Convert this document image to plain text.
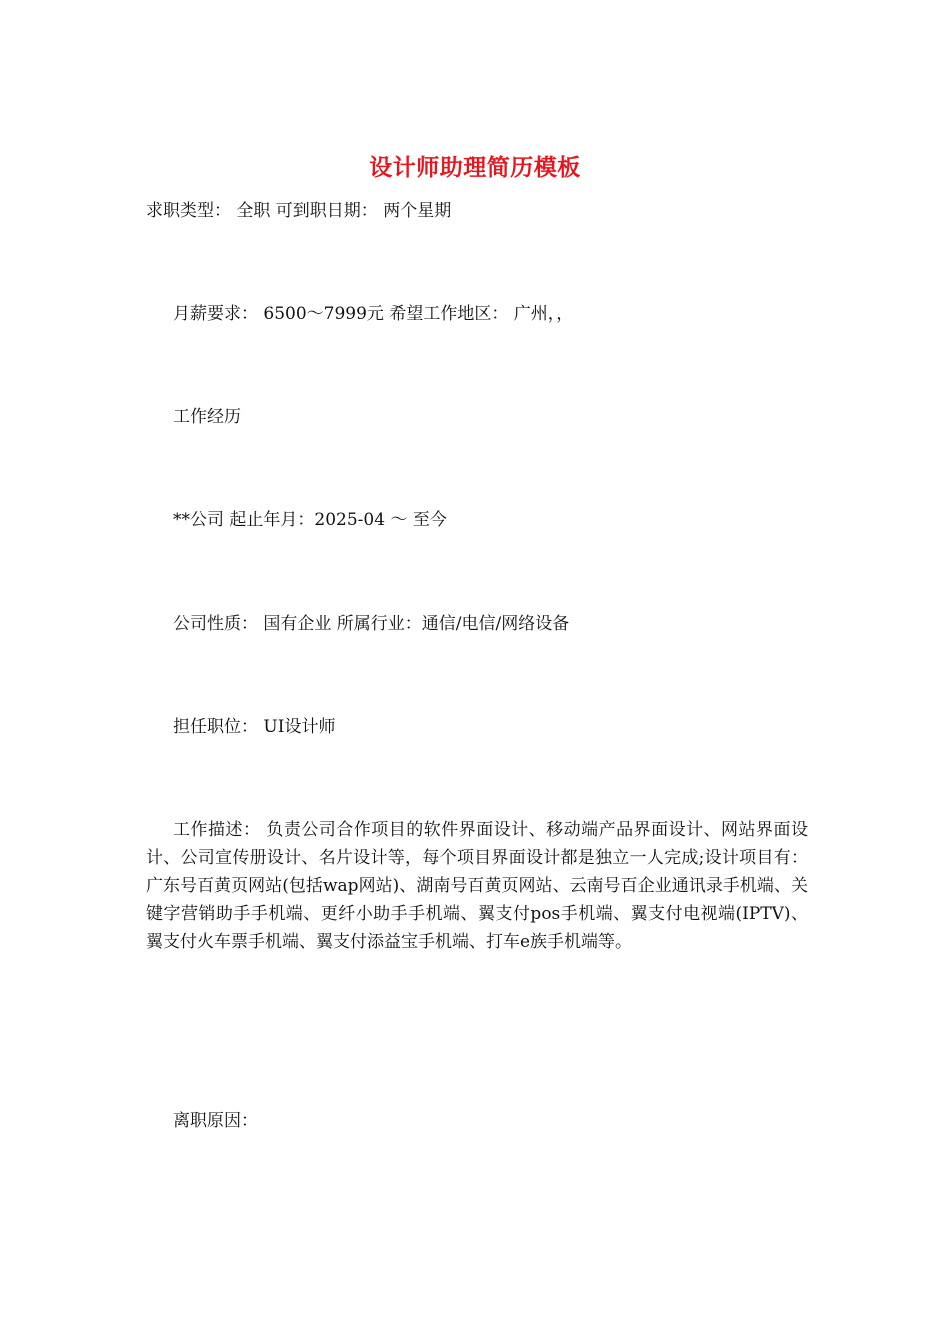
设计师助理简历模板
求职类型： 全职 可到职日期： 两个星期
月薪要求： 6500～7999元 希望工作地区： 广州，，
工作经历
**公司 起止年月：2025-04 ～ 至今
公司性质： 国有企业 所属行业：通信/电信/网络设备
担任职位： UI设计师
工作描述： 负责公司合作项目的软件界面设计、移动端产品界面设计、网站界面设计、公司宣传册设计、名片设计等，每个项目界面设计都是独立一人完成;设计项目有：广东号百黄页网站(包括wap网站)、湖南号百黄页网站、云南号百企业通讯录手机端、关键字营销助手手机端、更纤小助手手机端、翼支付pos手机端、翼支付电视端(IPTV)、翼支付火车票手机端、翼支付添益宝手机端、打车e族手机端等。
离职原因：
